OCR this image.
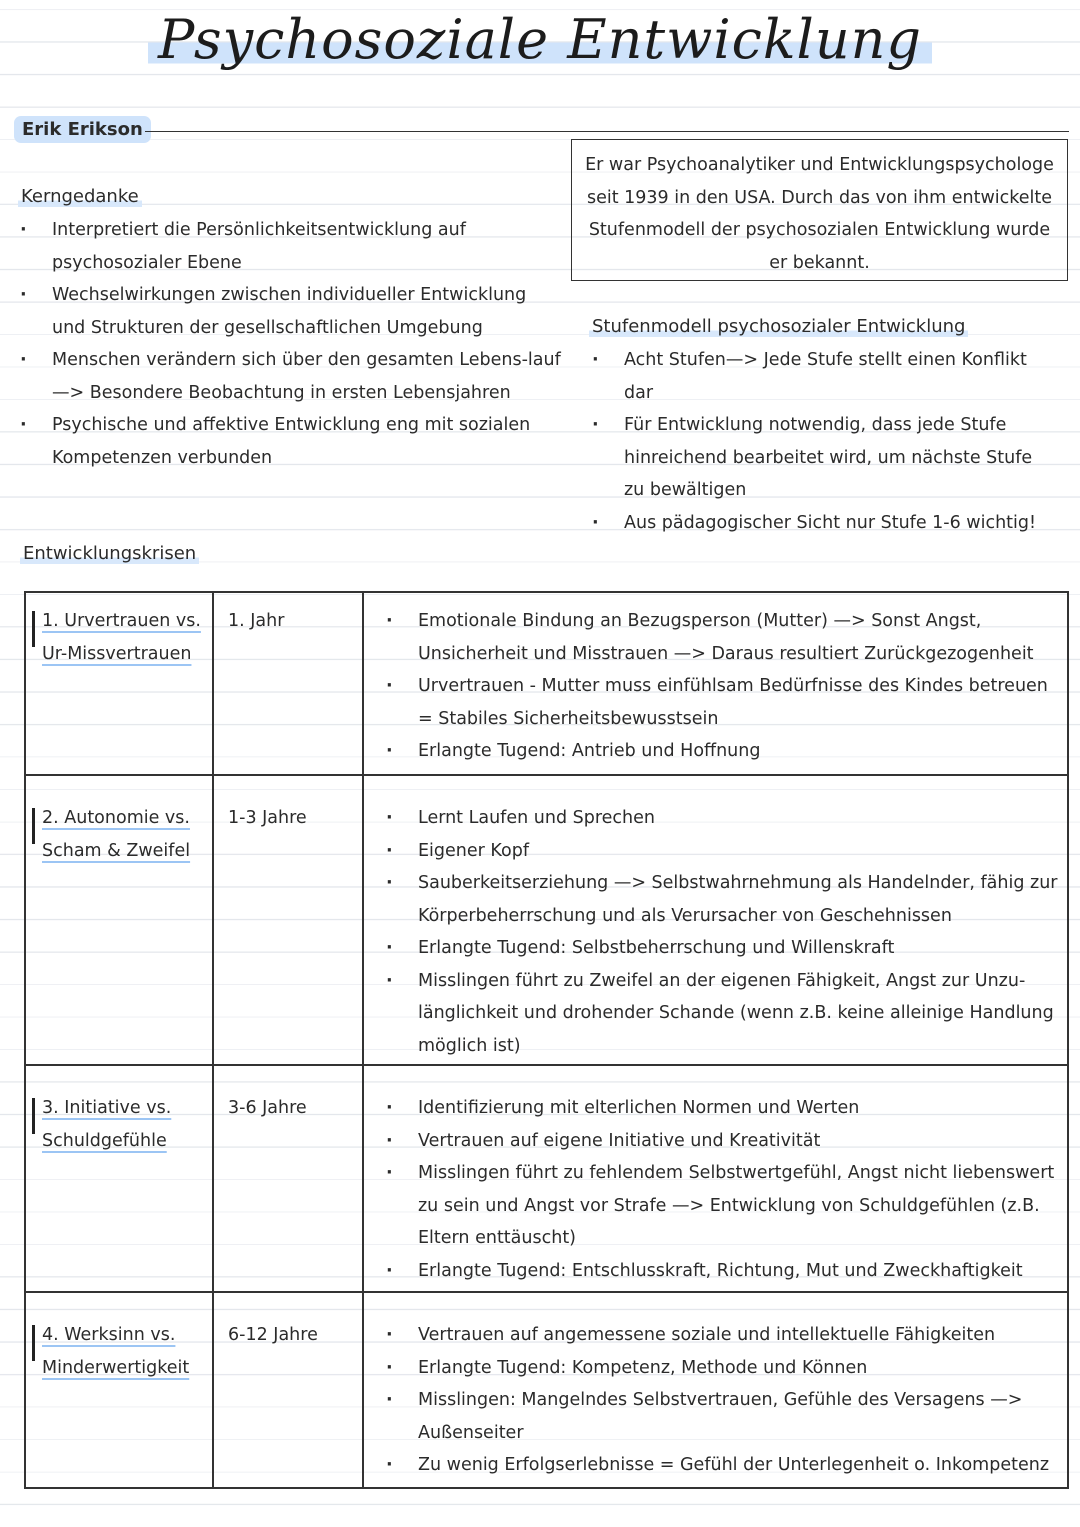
Psychosoziale Entwicklung
Erik Erikson
Er war Psychoanalytiker und Entwicklungspsychologe seit 1939 in den USA. Durch das von ihm entwickelte Stufenmodell der psychosozialen Entwicklung wurde er bekannt.
Kerngedanke
· Interpretiert die Persönlichkeitsentwicklung auf psychosozialer Ebene
· Wechselwirkungen zwischen individueller Entwicklung und Strukturen der gesellschaftlichen Umgebung
· Menschen verändern sich über den gesamten Lebens-lauf —> Besondere Beobachtung in ersten Lebensjahren
· Psychische und affektive Entwicklung eng mit sozialen Kompetenzen verbunden
Stufenmodell psychosozialer Entwicklung
· Acht Stufen—> Jede Stufe stellt einen Konflikt dar
· Für Entwicklung notwendig, dass jede Stufe hinreichend bearbeitet wird, um nächste Stufe zu bewältigen
· Aus pädagogischer Sicht nur Stufe 1-6 wichtig!
Entwicklungskrisen
1. Urvertrauen vs.
Ur-Missvertrauen
1. Jahr	· Emotionale Bindung an Bezugsperson (Mutter) —> Sonst Angst, Unsicherheit und Misstrauen —> Daraus resultiert Zurückgezogenheit
· Urvertrauen - Mutter muss einfühlsam Bedürfnisse des Kindes betreuen = Stabiles Sicherheitsbewusstsein
· Erlangte Tugend: Antrieb und Hoffnung
2. Autonomie vs.
Scham & Zweifel
1-3 Jahre	· Lernt Laufen und Sprechen
· Eigener Kopf
· Sauberkeitserziehung —> Selbstwahrnehmung als Handelnder, fähig zur Körperbeherrschung und als Verursacher von Geschehnissen
· Erlangte Tugend: Selbstbeherrschung und Willenskraft
· Misslingen führt zu Zweifel an der eigenen Fähigkeit, Angst zur Unzu-länglichkeit und drohender Schande (wenn z.B. keine alleinige Handlung möglich ist)
3. Initiative vs.
Schuldgefühle
3-6 Jahre	· Identifizierung mit elterlichen Normen und Werten
· Vertrauen auf eigene Initiative und Kreativität
· Misslingen führt zu fehlendem Selbstwertgefühl, Angst nicht liebenswert zu sein und Angst vor Strafe —> Entwicklung von Schuldgefühlen (z.B. Eltern enttäuscht)
· Erlangte Tugend: Entschlusskraft, Richtung, Mut und Zweckhaftigkeit
4. Werksinn vs.
Minderwertigkeit
6-12 Jahre	· Vertrauen auf angemessene soziale und intellektuelle Fähigkeiten
· Erlangte Tugend: Kompetenz, Methode und Können
· Misslingen: Mangelndes Selbstvertrauen, Gefühle des Versagens —> Außenseiter
· Zu wenig Erfolgserlebnisse = Gefühl der Unterlegenheit o. Inkompetenz
